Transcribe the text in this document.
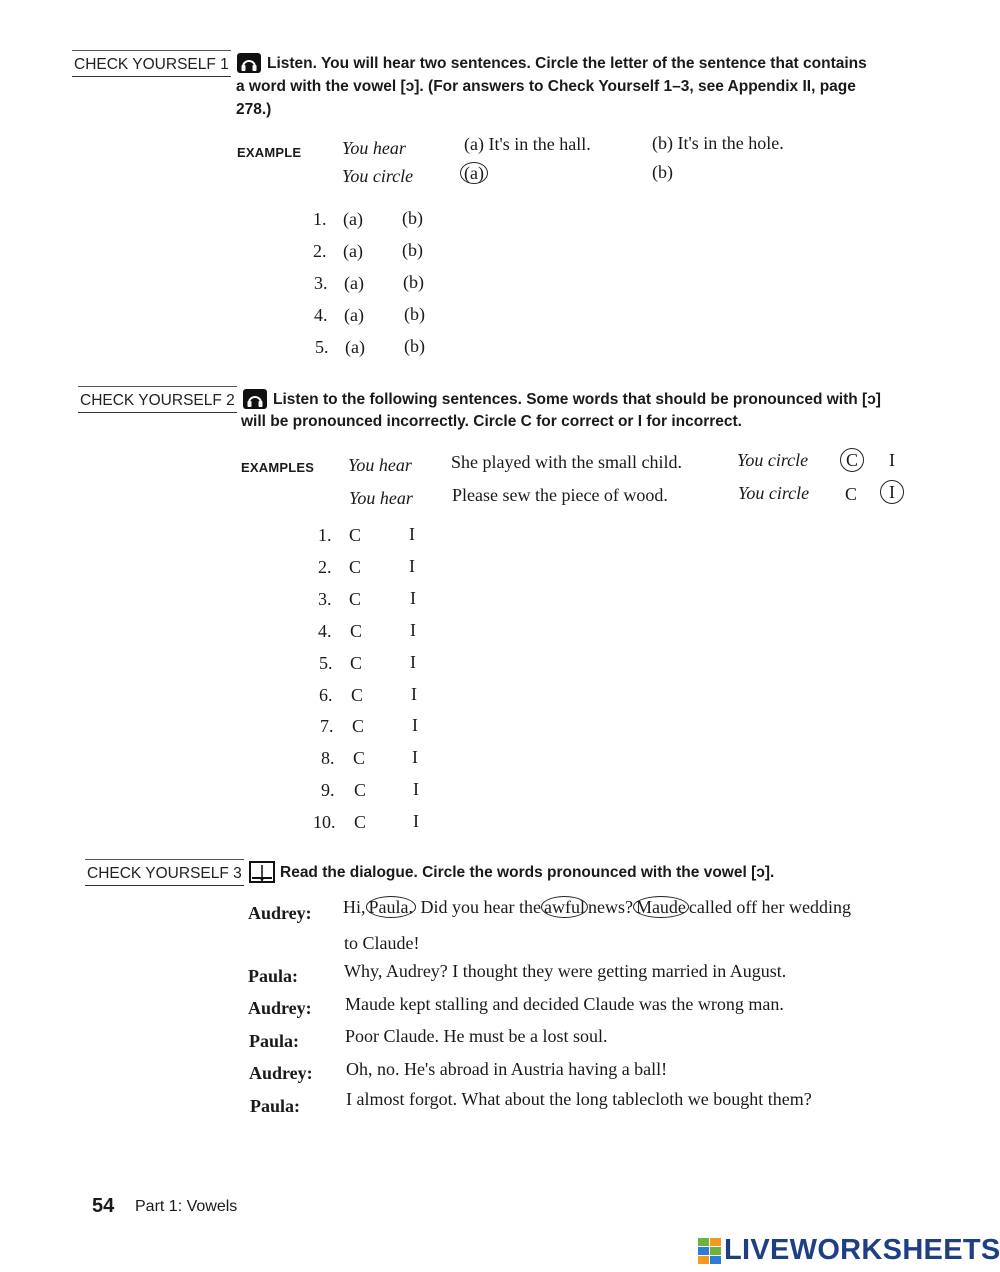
CHECK YOURSELF 1 Listen. You will hear two sentences. Circle the letter of the sentence that contains
a word with the vowel [ɔ]. (For answers to Check Yourself 1–3, see Appendix II, page
278.)
EXAMPLE You hear	(a) It's in the hall.	(b) It's in the hole.
You circle	(a)	(b)
1. (a) (b)
2. (a) (b)
3. (a) (b)
4. (a) (b)
5. (a) (b)
CHECK YOURSELF 2 Listen to the following sentences. Some words that should be pronounced with [ɔ]
will be pronounced incorrectly. Circle C for correct or I for incorrect.
EXAMPLES You hear She played with the small child.	You circle	C	I
You hear Please sew the piece of wood.	You circle C	I
1. C	I
2. C	I
3. C	I
4. C	I
5. C	I
6. C	I
7. C	I
8. C	I
9. C	I
10. C	I
CHECK YOURSELF 3 Read the dialogue. Circle the words pronounced with the vowel [ɔ].
Audrey: Hi, Paula. Did you hear the awful news? Maude called off her wedding
to Claude!
Paula:	Why, Audrey? I thought they were getting married in August.
Audrey: Maude kept stalling and decided Claude was the wrong man.
Paula:	Poor Claude. He must be a lost soul.
Audrey: Oh, no. He's abroad in Austria having a ball!
Paula:	I almost forgot. What about the long tablecloth we bought them?
54 Part 1: Vowels
LIVEWORKSHEETS
